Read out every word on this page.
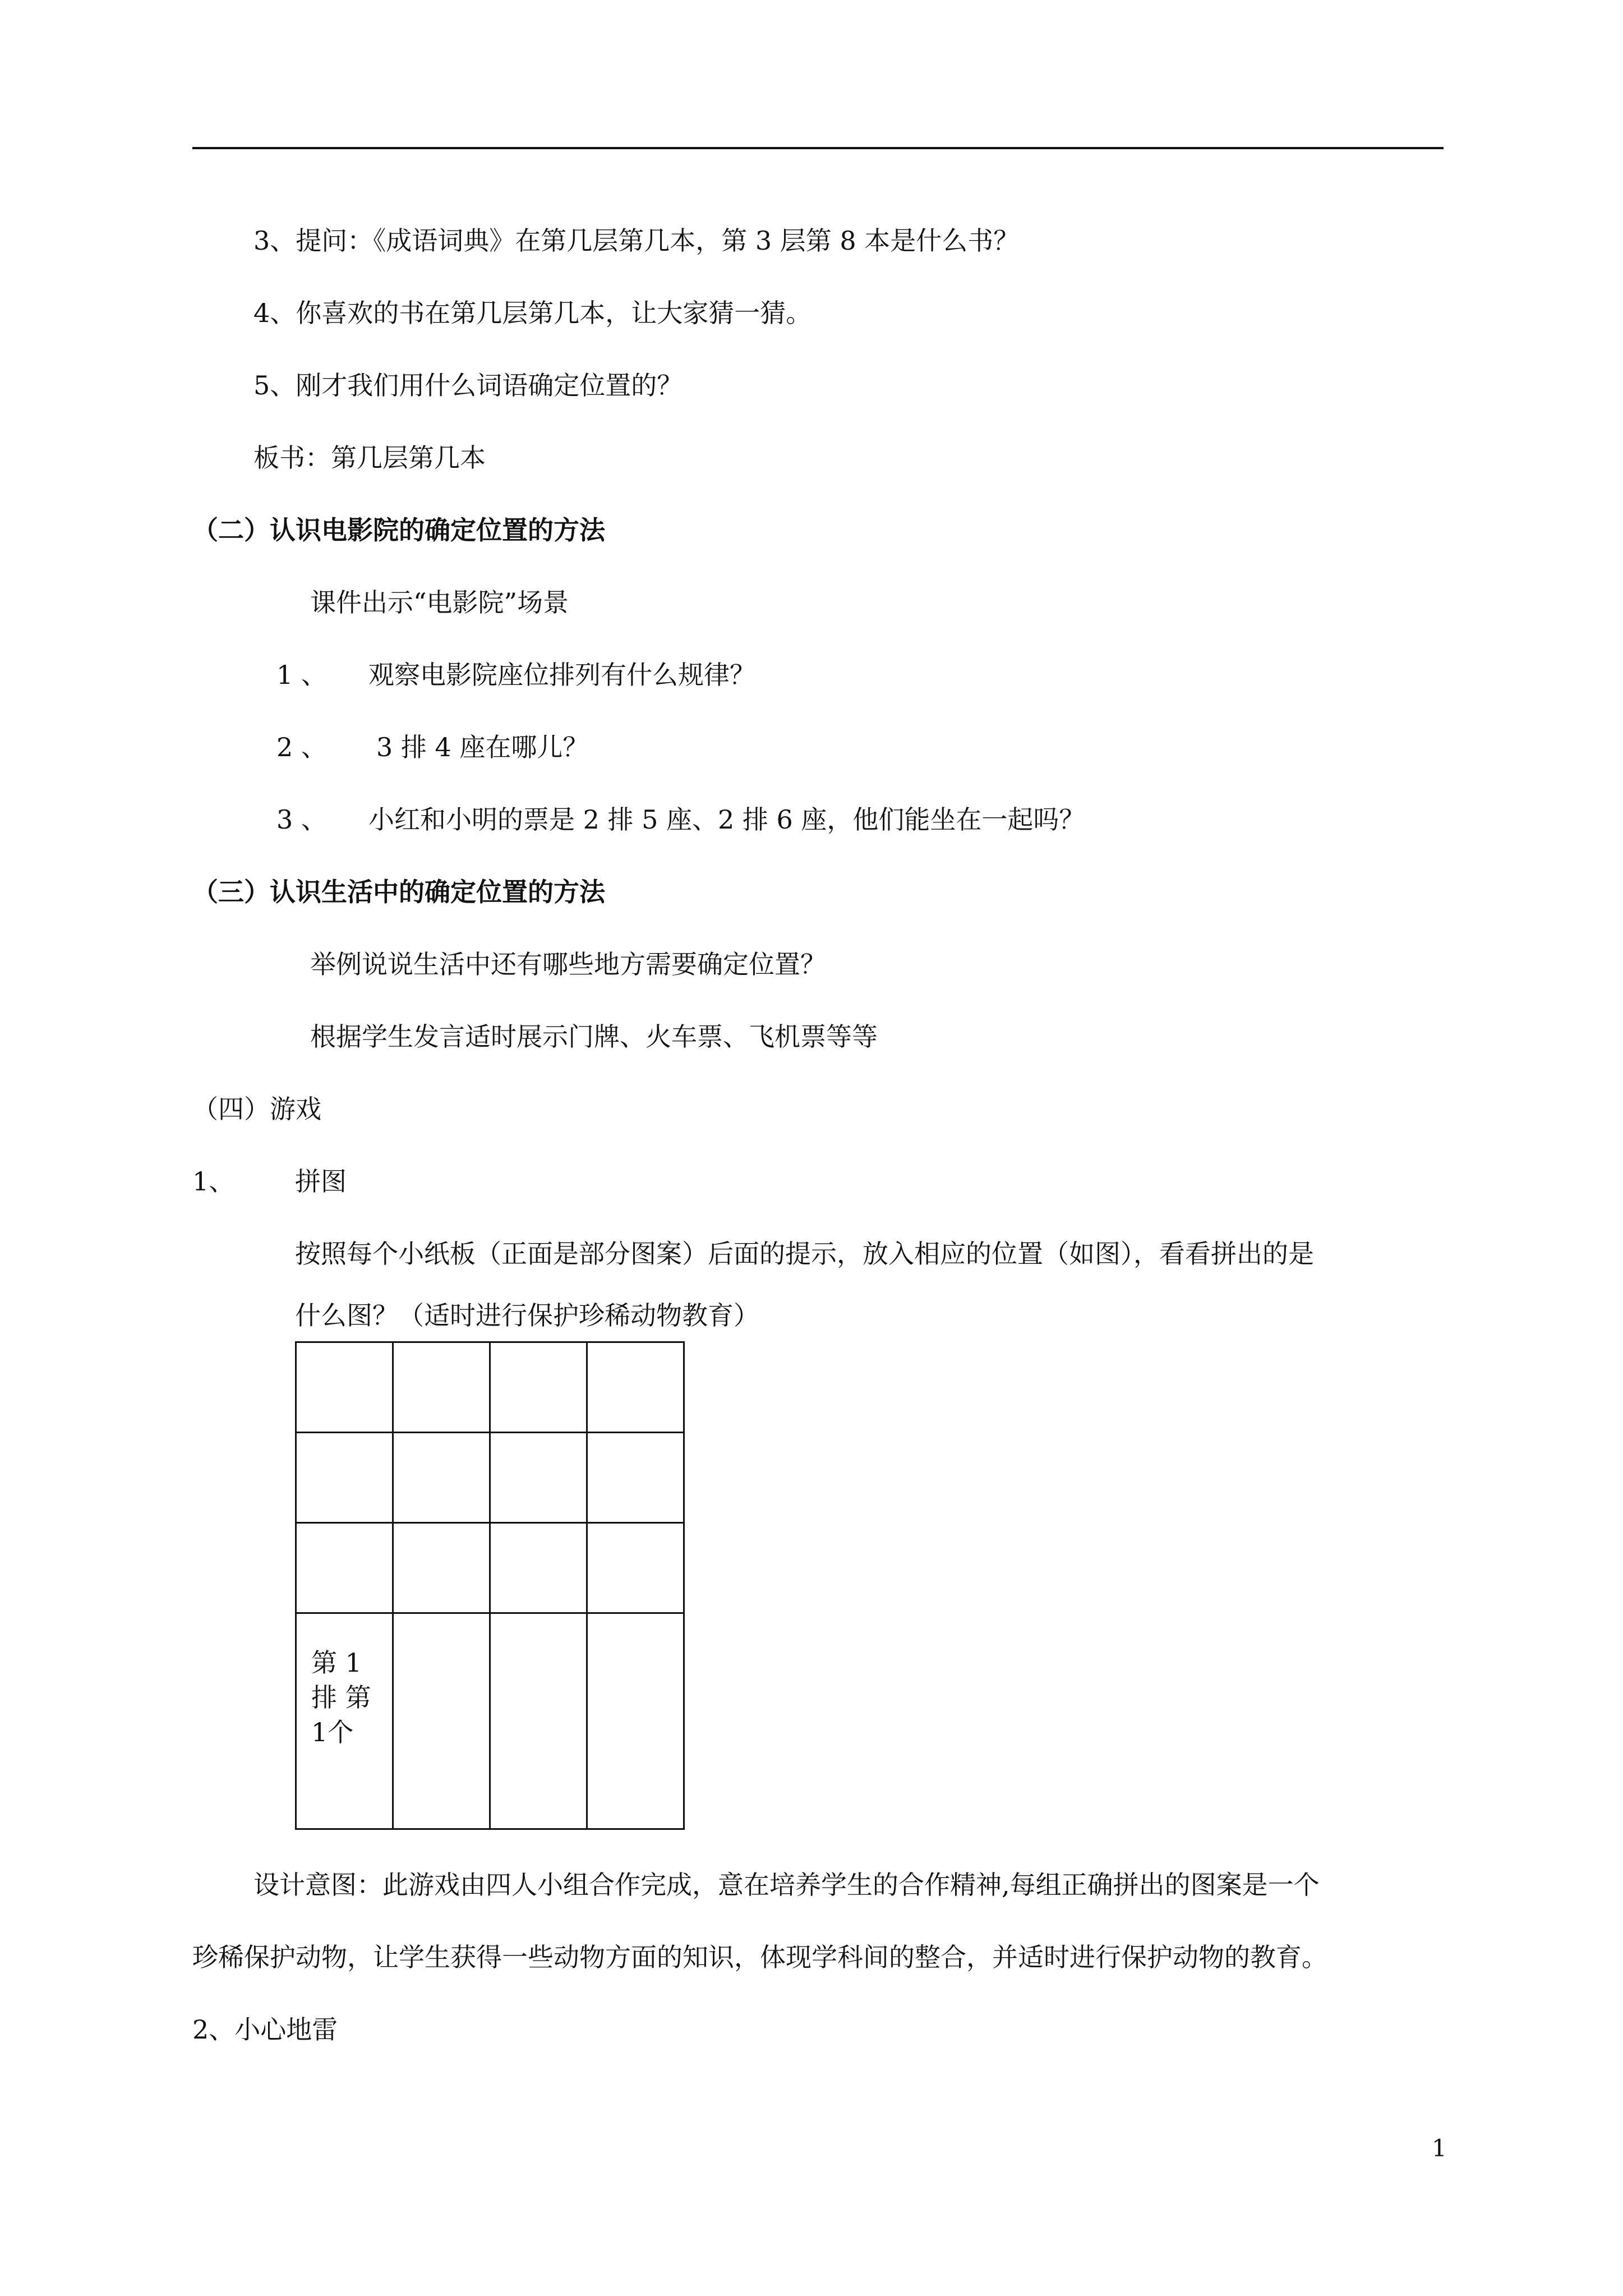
3、提问：《成语词典》在第几层第几本，第 3 层第 8 本是什么书？
4、你喜欢的书在第几层第几本，让大家猜一猜。
5、刚才我们用什么词语确定位置的？
板书：第几层第几本
（二）认识电影院的确定位置的方法
课件出示“电影院”场景
1 、 观察电影院座位排列有什么规律？
2 、 3 排 4 座在哪儿？
3 、 小红和小明的票是 2 排 5 座、2 排 6 座，他们能坐在一起吗？
（三）认识生活中的确定位置的方法
举例说说生活中还有哪些地方需要确定位置？
根据学生发言适时展示门牌、火车票、飞机票等等
（四）游戏
1、 拼图
按照每个小纸板（正面是部分图案）后面的提示，放入相应的位置（如图），看看拼出的是
什么图？（适时进行保护珍稀动物教育）

第 1 排 第 1个			

设计意图：此游戏由四人小组合作完成，意在培养学生的合作精神,每组正确拼出的图案是一个
珍稀保护动物，让学生获得一些动物方面的知识，体现学科间的整合，并适时进行保护动物的教育。
2、小心地雷
1
